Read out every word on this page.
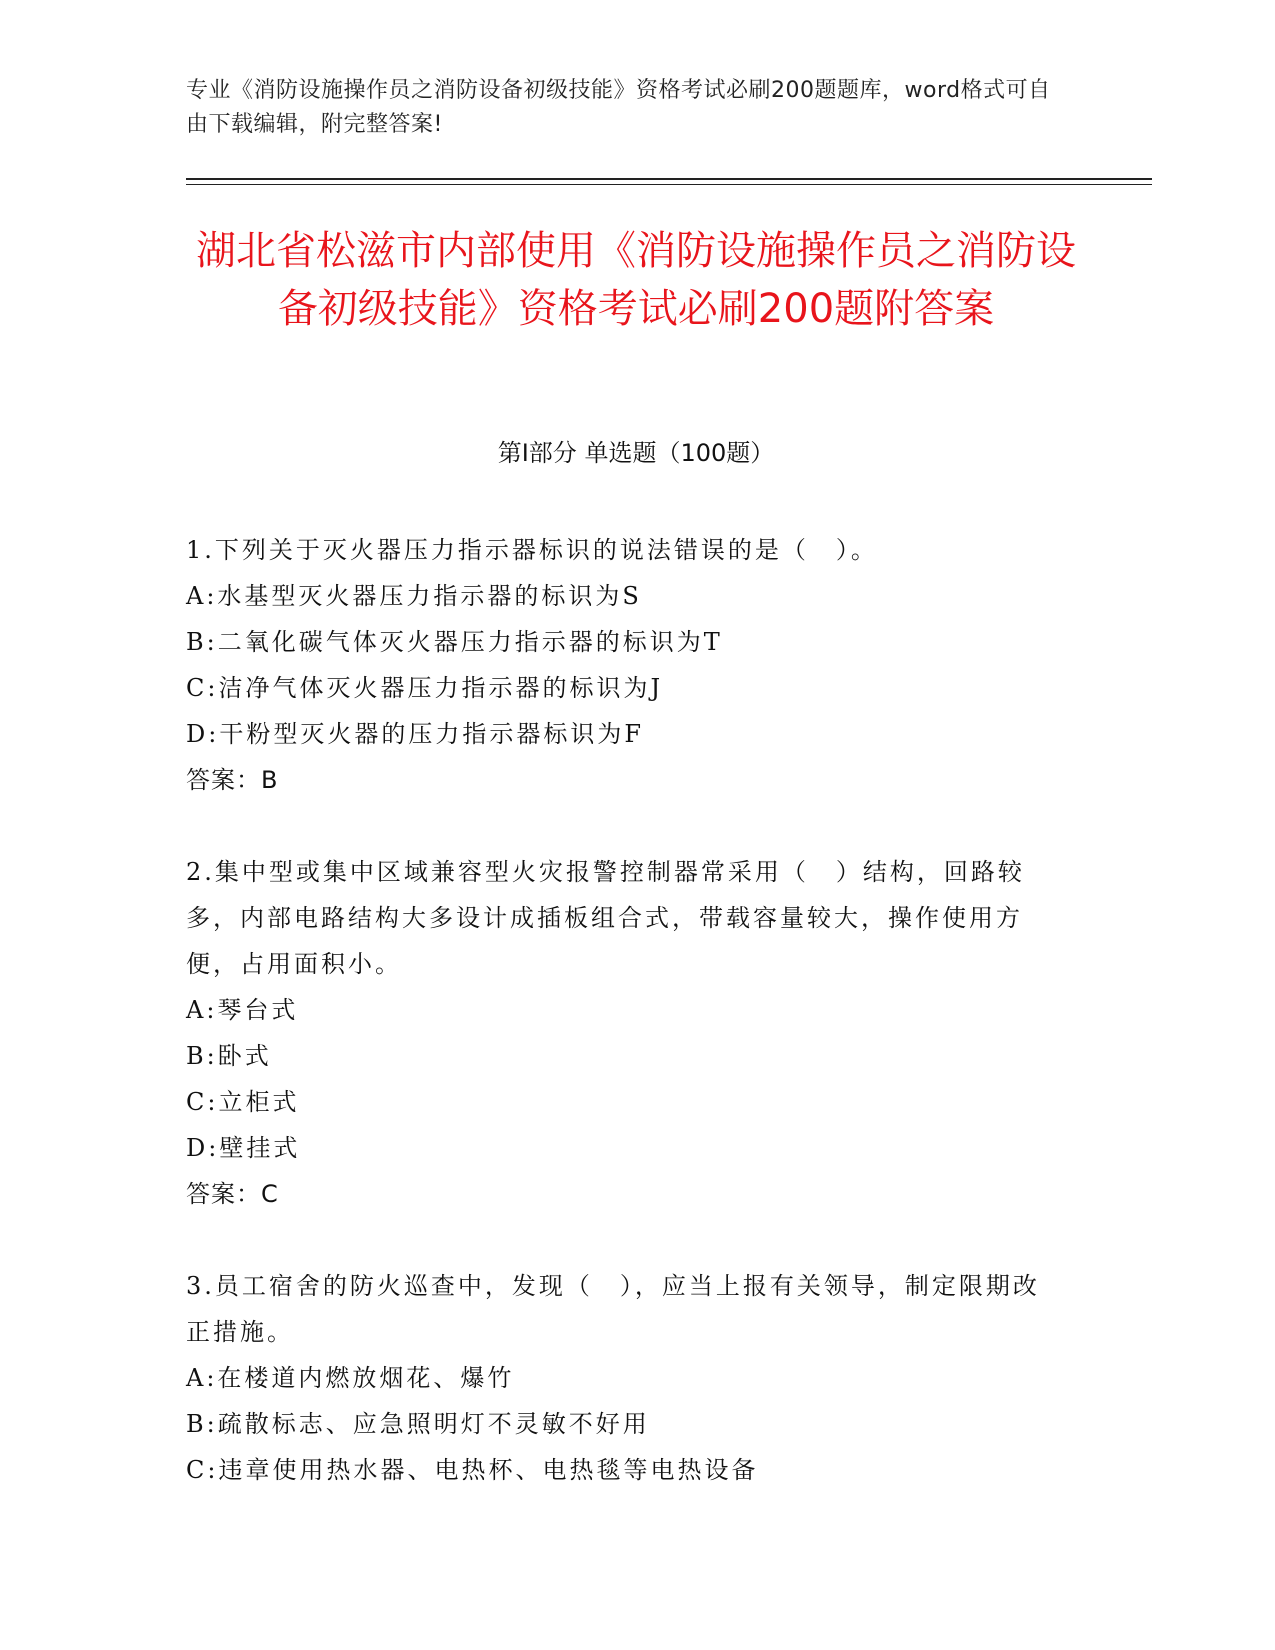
专业《消防设施操作员之消防设备初级技能》资格考试必刷200题题库，word格式可自由下载编辑，附完整答案!
湖北省松滋市内部使用《消防设施操作员之消防设备初级技能》资格考试必刷200题附答案
第Ⅰ部分 单选题（100题）

1.下列关于灭火器压力指示器标识的说法错误的是（　）。

A:水基型灭火器压力指示器的标识为S

B:二氧化碳气体灭火器压力指示器的标识为T

C:洁净气体灭火器压力指示器的标识为J

D:干粉型灭火器的压力指示器标识为F

答案：B

2.集中型或集中区域兼容型火灾报警控制器常采用（　）结构，回路较多，内部电路结构大多设计成插板组合式，带载容量较大，操作使用方便，占用面积小。

A:琴台式

B:卧式

C:立柜式

D:壁挂式

答案：C

3.员工宿舍的防火巡查中，发现（　），应当上报有关领导，制定限期改正措施。

A:在楼道内燃放烟花、爆竹

B:疏散标志、应急照明灯不灵敏不好用

C:违章使用热水器、电热杯、电热毯等电热设备
